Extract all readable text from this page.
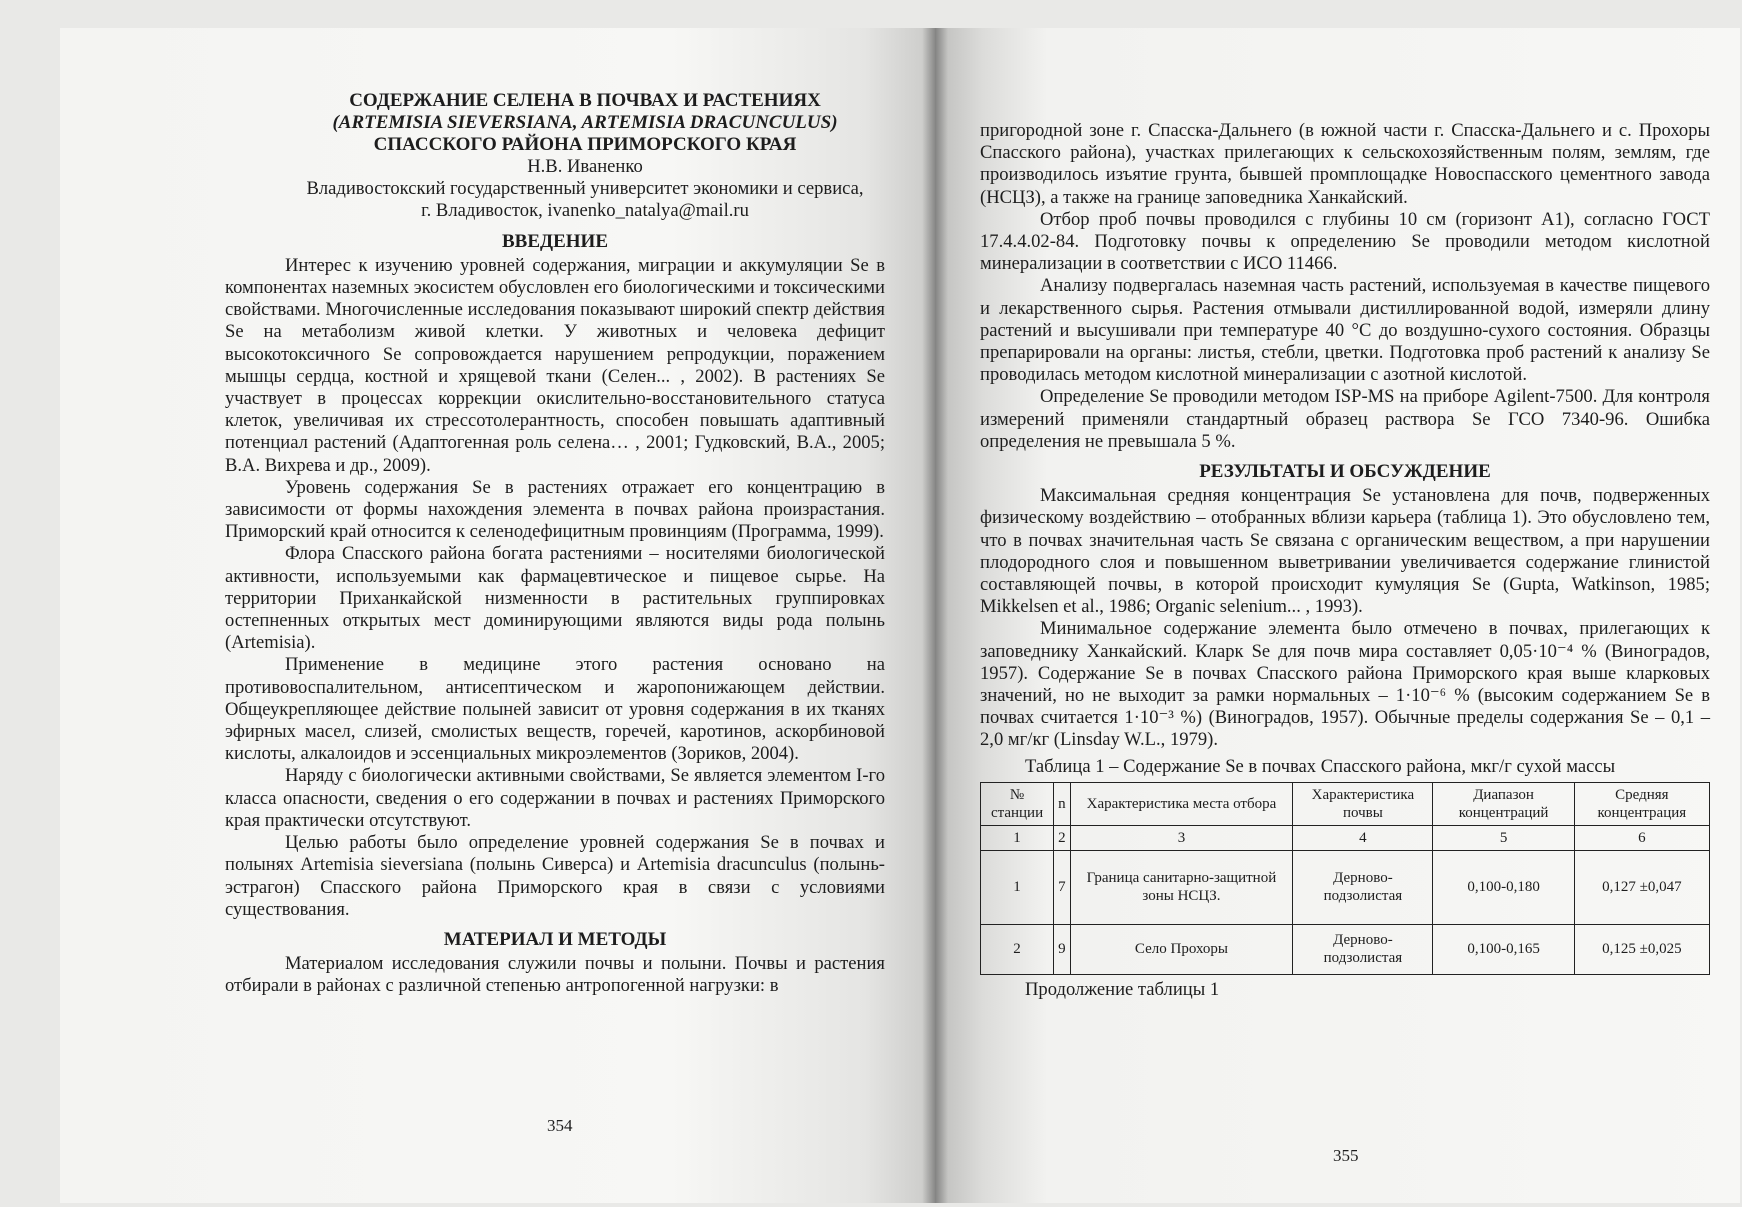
СОДЕРЖАНИЕ СЕЛЕНА В ПОЧВАХ И РАСТЕНИЯХ

(ARTEMISIA SIEVERSIANA, ARTEMISIA DRACUNCULUS)

СПАССКОГО РАЙОНА ПРИМОРСКОГО КРАЯ

Н.В. Иваненко

Владивостокский государственный университет экономики и сервиса,

г. Владивосток, ivanenko_natalya@mail.ru

ВВЕДЕНИЕ

Интерес к изучению уровней содержания, миграции и аккумуляции Se в компонентах наземных экосистем обусловлен его биологическими и токсическими свойствами. Многочисленные исследования показывают широкий спектр действия Se на метаболизм живой клетки. У животных и человека дефицит высокотоксичного Se сопровождается нарушением репродукции, поражением мышцы сердца, костной и хрящевой ткани (Селен... , 2002). В растениях Se участвует в процессах коррекции окислительно-восстановительного статуса клеток, увеличивая их стрессотолерантность, способен повышать адаптивный потенциал растений (Адаптогенная роль селена… , 2001; Гудковский, В.А., 2005; В.А. Вихрева и др., 2009).

Уровень содержания Se в растениях отражает его концентрацию в зависимости от формы нахождения элемента в почвах района произрастания. Приморский край относится к селенодефицитным провинциям (Программа, 1999).

Флора Спасского района богата растениями – носителями биологической активности, используемыми как фармацевтическое и пищевое сырье. На территории Приханкайской низменности в растительных группировках остепненных открытых мест доминирующими являются виды рода полынь (Artemisia).

Применение в медицине этого растения основано на противовоспалительном, антисептическом и жаропонижающем действии. Общеукрепляющее действие полыней зависит от уровня содержания в их тканях эфирных масел, слизей, смолистых веществ, горечей, каротинов, аскорбиновой кислоты, алкалоидов и эссенциальных микроэлементов (Зориков, 2004).

Наряду с биологически активными свойствами, Se является элементом I-го класса опасности, сведения о его содержании в почвах и растениях Приморского края практически отсутствуют.

Целью работы было определение уровней содержания Se в почвах и полынях Artemisia sieversiana (полынь Сиверса) и Artemisia dracunculus (полынь-эстрагон) Спасского района Приморского края в связи с условиями существования.

МАТЕРИАЛ И МЕТОДЫ

Материалом исследования служили почвы и полыни. Почвы и растения отбирали в районах с различной степенью антропогенной нагрузки: в

354

пригородной зоне г. Спасска-Дальнего (в южной части г. Спасска-Дальнего и с. Прохоры Спасского района), участках прилегающих к сельскохозяйственным полям, землям, где производилось изъятие грунта, бывшей промплощадке Новоспасского цементного завода (НСЦЗ), а также на границе заповедника Ханкайский.

Отбор проб почвы проводился с глубины 10 см (горизонт А1), согласно ГОСТ 17.4.4.02-84. Подготовку почвы к определению Se проводили методом кислотной минерализации в соответствии с ИСО 11466.

Анализу подвергалась наземная часть растений, используемая в качестве пищевого и лекарственного сырья. Растения отмывали дистиллированной водой, измеряли длину растений и высушивали при температуре 40 °С до воздушно-сухого состояния. Образцы препарировали на органы: листья, стебли, цветки. Подготовка проб растений к анализу Se проводилась методом кислотной минерализации с азотной кислотой.

Определение Se проводили методом ISP-MS на приборе Agilent-7500. Для контроля измерений применяли стандартный образец раствора Se ГСО 7340-96. Ошибка определения не превышала 5 %.

РЕЗУЛЬТАТЫ И ОБСУЖДЕНИЕ

Максимальная средняя концентрация Se установлена для почв, подверженных физическому воздействию – отобранных вблизи карьера (таблица 1). Это обусловлено тем, что в почвах значительная часть Se связана с органическим веществом, а при нарушении плодородного слоя и повышенном выветривании увеличивается содержание глинистой составляющей почвы, в которой происходит кумуляция Se (Gupta, Watkinson, 1985; Mikkelsen et al., 1986; Organic selenium... , 1993).

Минимальное содержание элемента было отмечено в почвах, прилегающих к заповеднику Ханкайский. Кларк Se для почв мира составляет 0,05·10⁻⁴ % (Виноградов, 1957). Содержание Se в почвах Спасского района Приморского края выше кларковых значений, но не выходит за рамки нормальных – 1·10⁻⁶ % (высоким содержанием Se в почвах считается 1·10⁻³ %) (Виноградов, 1957). Обычные пределы содержания Se – 0,1 – 2,0 мг/кг (Linsday W.L., 1979).

Таблица 1 – Содержание Se в почвах Спасского района, мкг/г сухой массы

№ станции	n	Характеристика места отбора	Характеристика почвы	Диапазон концентраций	Средняя концентрация
1	2	3	4	5	6
1	7	Граница санитарно-защитной зоны НСЦЗ.	Дерново-подзолистая	0,100-0,180	0,127 ±0,047
2	9	Село Прохоры	Дерново-подзолистая	0,100-0,165	0,125 ±0,025

Продолжение таблицы 1

355
